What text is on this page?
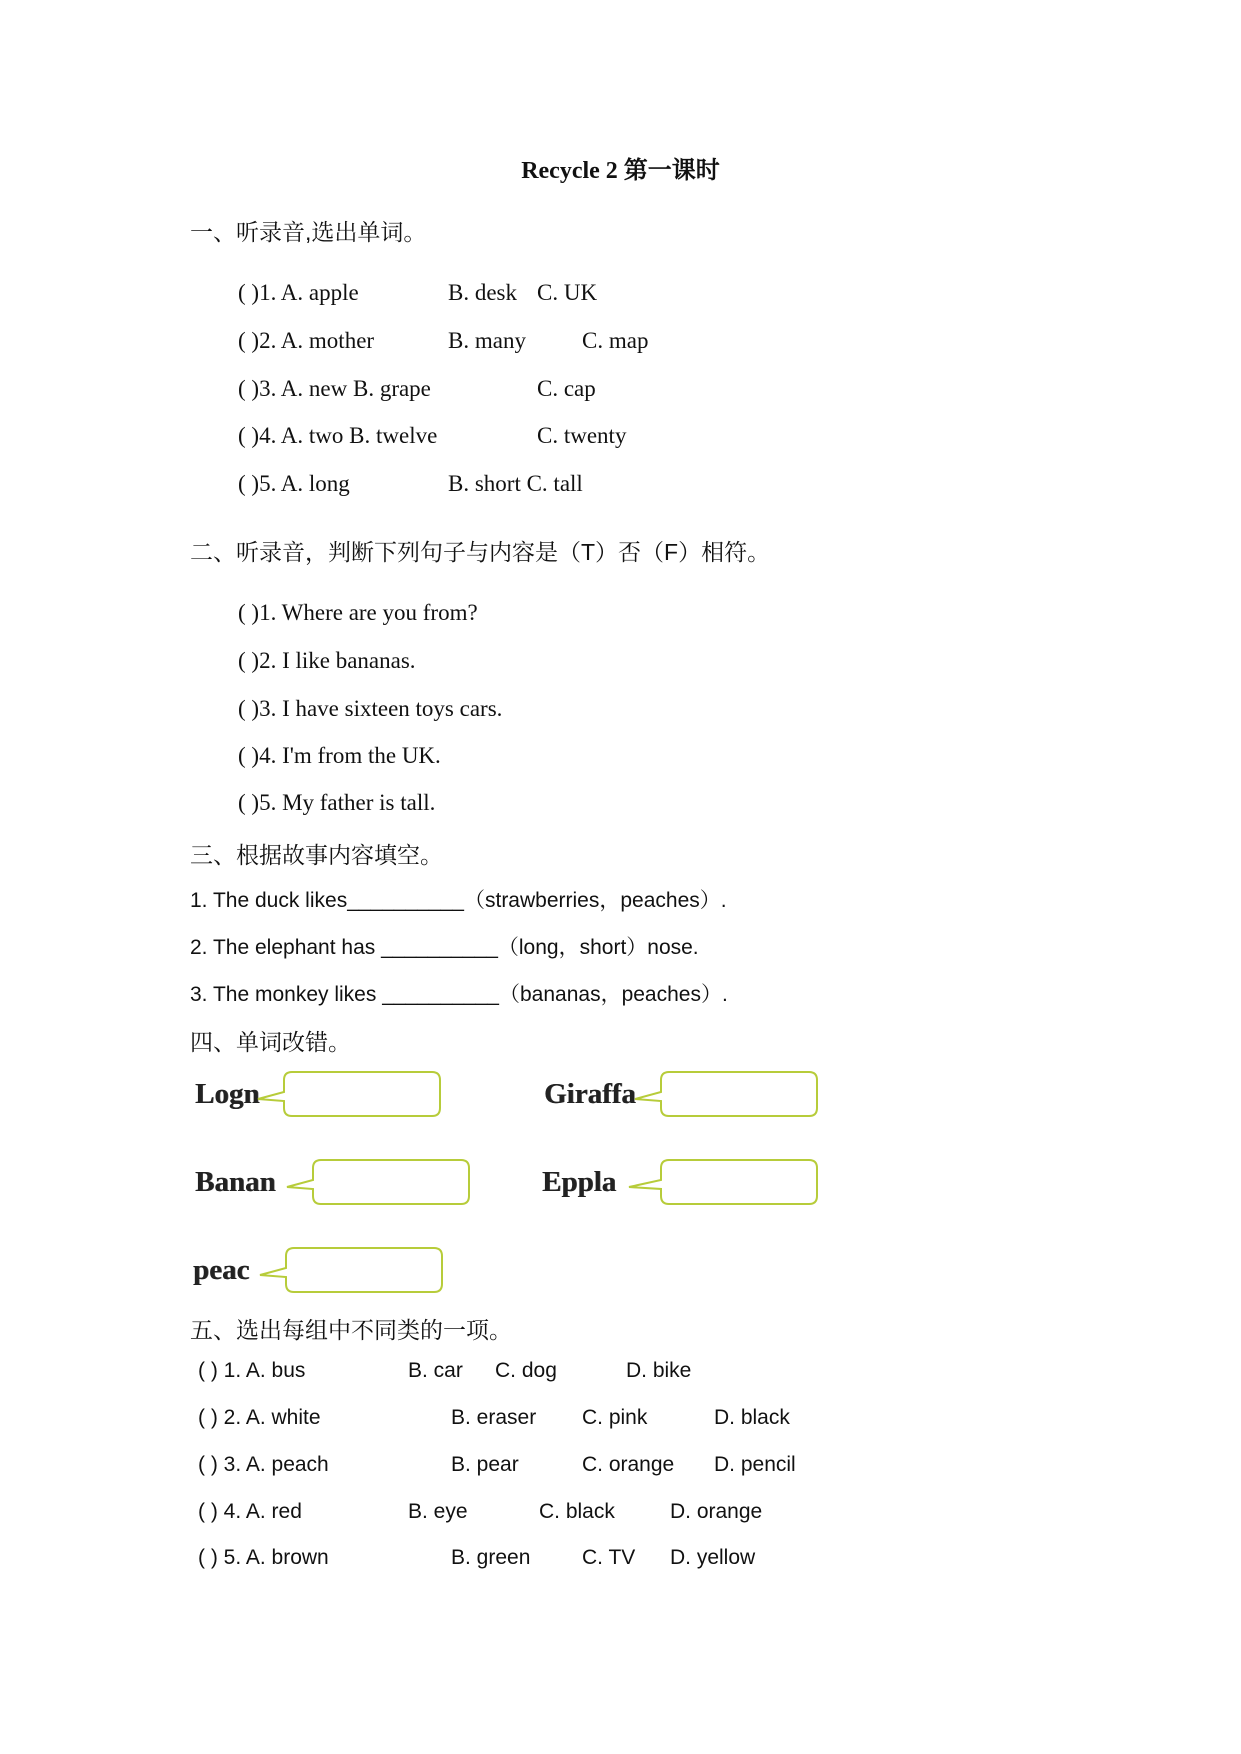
Recycle 2 第一课时
一、听录音,选出单词。
( )1. A. apple	B. desk C. UK
( )2. A. mother	B. many C. map
( )3. A. new B. grape	C. cap
( )4. A. two B. twelve	C. twenty
( )5. A. long	B. short C. tall
二、听录音，判断下列句子与内容是（T）否（F）相符。
( )1. Where are you from?
( )2. I like bananas.
( )3. I have sixteen toys cars.
( )4. I'm from the UK.
( )5. My father is tall.
三、根据故事内容填空。
1. The duck likes__________（strawberries，peaches）.
2. The elephant has __________（long，short）nose.
3. The monkey likes __________（bananas，peaches）.
四、单词改错。
Logn	Giraffa
Banan	Eppla
peac
五、选出每组中不同类的一项。
( ) 1. A. bus	B. car C. dog	D. bike
( ) 2. A. white	B. eraser C. pink	D. black
( ) 3. A. peach	B. pear	C. orange D. pencil
( ) 4. A. red	B. eye	C. black	D. orange
( ) 5. A. brown	B. green C. TV D. yellow
